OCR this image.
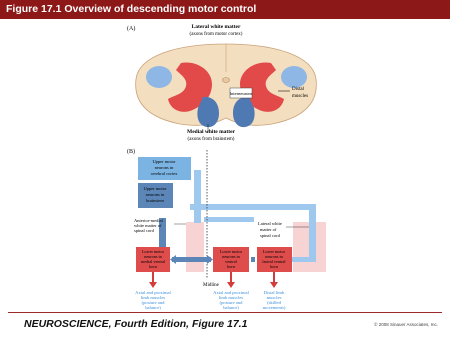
Figure 17.1 Overview of descending motor control
(A)	Lateral white matter
(axons from motor cortex)
Interneurons
Distal
muscles
Medial white matter
(axons from brainstem)
(B)
Midline
Upper motor
neurons in
cerebral cortex
Upper motor
neurons in
brainstem
Anterior-medial
white matter of
spinal cord
Lateral white
matter of
spinal cord
Lower motor
neurons in
medial ventral
horn
Lower motor
neurons in
ventral
horn
Lower motor
neurons in
lateral ventral
horn
Axial and proximal
limb muscles
(posture and
balance)
Axial and proximal
limb muscles
(posture and
balance)
Distal limb
muscles
(skilled
movements)
NEUROSCIENCE, Fourth Edition, Figure 17.1	© 2008 Sinauer Associates, Inc.
